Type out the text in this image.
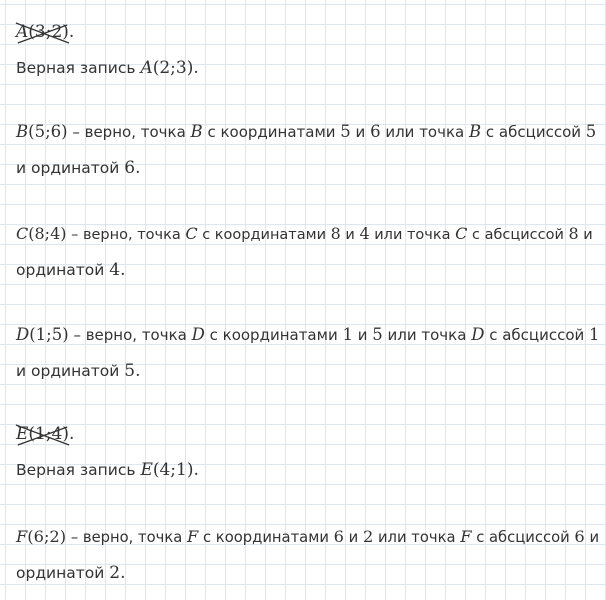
A(3;2)
.
Верная запись A(2;3).
B(5;6) – верно, точка B с координатами 5 и 6 или точка B с абсциссой 5
и ординатой 6.
C(8;4) – верно, точка C с координатами 8 и 4 или точка C с абсциссой 8 и
ординатой 4.
D(1;5) – верно, точка D с координатами 1 и 5 или точка D с абсциссой 1
и ординатой 5.
E(1;4)
.
Верная запись E(4;1).
F(6;2) – верно, точка F с координатами 6 и 2 или точка F с абсциссой 6 и
ординатой 2.
